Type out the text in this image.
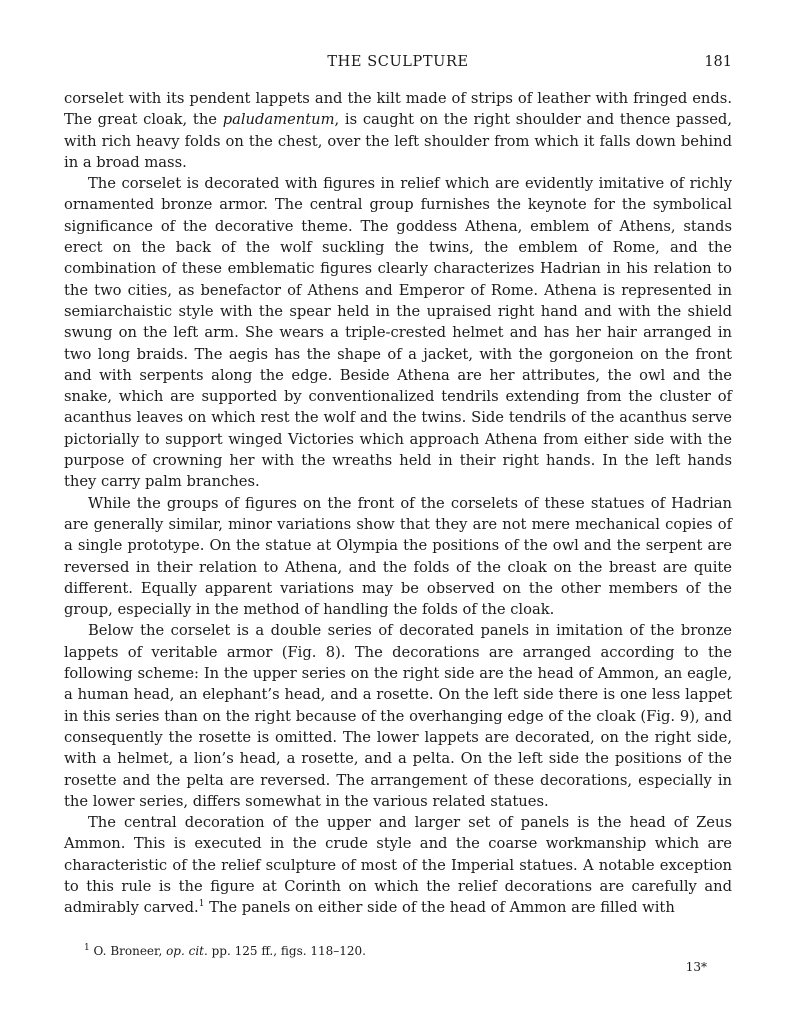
THE SCULPTURE	181

corselet with its pendent lappets and the kilt made of strips of leather with fringed ends. The great cloak, the paludamentum, is caught on the right shoulder and thence passed, with rich heavy folds on the chest, over the left shoulder from which it falls down behind in a broad mass.

The corselet is decorated with figures in relief which are evidently imitative of richly ornamented bronze armor. The central group furnishes the keynote for the symbolical significance of the decorative theme. The goddess Athena, emblem of Athens, stands erect on the back of the wolf suckling the twins, the emblem of Rome, and the combination of these emblematic figures clearly characterizes Hadrian in his relation to the two cities, as benefactor of Athens and Emperor of Rome. Athena is represented in semiarchaistic style with the spear held in the upraised right hand and with the shield swung on the left arm. She wears a triple-crested helmet and has her hair arranged in two long braids. The aegis has the shape of a jacket, with the gorgoneion on the front and with serpents along the edge. Beside Athena are her attributes, the owl and the snake, which are supported by conventionalized tendrils extending from the cluster of acanthus leaves on which rest the wolf and the twins. Side tendrils of the acanthus serve pictorially to support winged Victories which approach Athena from either side with the purpose of crowning her with the wreaths held in their right hands. In the left hands they carry palm branches.

While the groups of figures on the front of the corselets of these statues of Hadrian are generally similar, minor variations show that they are not mere mechanical copies of a single prototype. On the statue at Olympia the positions of the owl and the serpent are reversed in their relation to Athena, and the folds of the cloak on the breast are quite different. Equally apparent variations may be observed on the other members of the group, especially in the method of handling the folds of the cloak.

Below the corselet is a double series of decorated panels in imitation of the bronze lappets of veritable armor (Fig. 8). The decorations are arranged according to the following scheme: In the upper series on the right side are the head of Ammon, an eagle, a human head, an elephant’s head, and a rosette. On the left side there is one less lappet in this series than on the right because of the overhanging edge of the cloak (Fig. 9), and consequently the rosette is omitted. The lower lappets are decorated, on the right side, with a helmet, a lion’s head, a rosette, and a pelta. On the left side the positions of the rosette and the pelta are reversed. The arrangement of these decorations, especially in the lower series, differs somewhat in the various related statues.

The central decoration of the upper and larger set of panels is the head of Zeus Ammon. This is executed in the crude style and the coarse workmanship which are characteristic of the relief sculpture of most of the Imperial statues. A notable exception to this rule is the figure at Corinth on which the relief decorations are carefully and admirably carved.$^1$ The panels on either side of the head of Ammon are filled with

$^1$ O. Broneer, op. cit. pp. 125 ff., figs. 118–120.
13*
